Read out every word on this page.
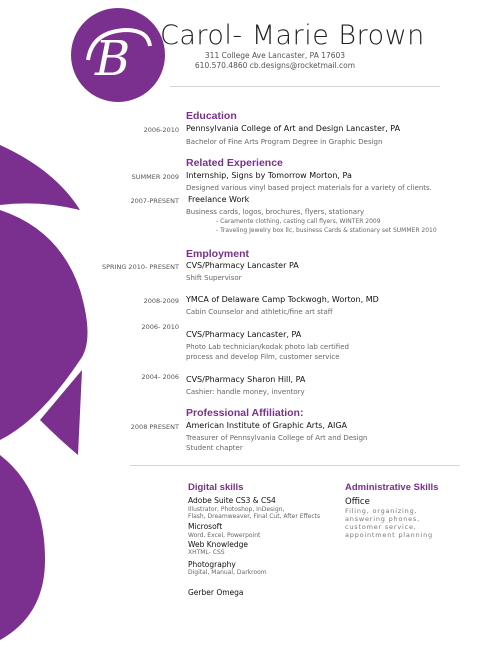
B Carol- Marie Brown
311 College Ave Lancaster, PA 17603
610.570.4860 cb.designs@rocketmail.com
Education
2006-2010 Pennsylvania College of Art and Design Lancaster, PA
Bachelor of Fine Arts Program Degree in Graphic Design
Related Experience
SUMMER 2009 Internship, Signs by Tomorrow Morton, Pa
Designed various vinyl based project materials for a variety of clients.
2007-PRESENT Freelance Work
Business cards, logos, brochures, flyers, stationary
- Caramente clothing, casting call flyers, WINTER 2009
- Traveling Jewelry box llc, business Cards & stationary set SUMMER 2010
Employment
SPRING 2010- PRESENT CVS/Pharmacy Lancaster PA
Shift Supervisor
2008-2009 YMCA of Delaware Camp Tockwogh, Worton, MD
Cabin Counselor and athletic/fine art staff
2006- 2010
CVS/Pharmacy Lancaster, PA
Photo Lab technician/kodak photo lab certified
process and develop Film, customer service
2004- 2006 CVS/Pharmacy Sharon Hill, PA
Cashier: handle money, inventory
Professional Affiliation:
2008 PRESENT American Institute of Graphic Arts, AIGA
Treasurer of Pennsylvania College of Art and Design
Student chapter
Digital skills
Adobe Suite CS3 & CS4
Illustrator, Photoshop, InDesign,
Flash, Dreamweaver, Final Cut, After Effects
Microsoft
Word, Excel, Powerpoint
Web Knowledge
XHTML- CSS
Photography
Digital, Manual, Darkroom
Gerber Omega
Administrative Skills
Office
Filing, organizing,
answering phones,
customer service,
appointment planning
